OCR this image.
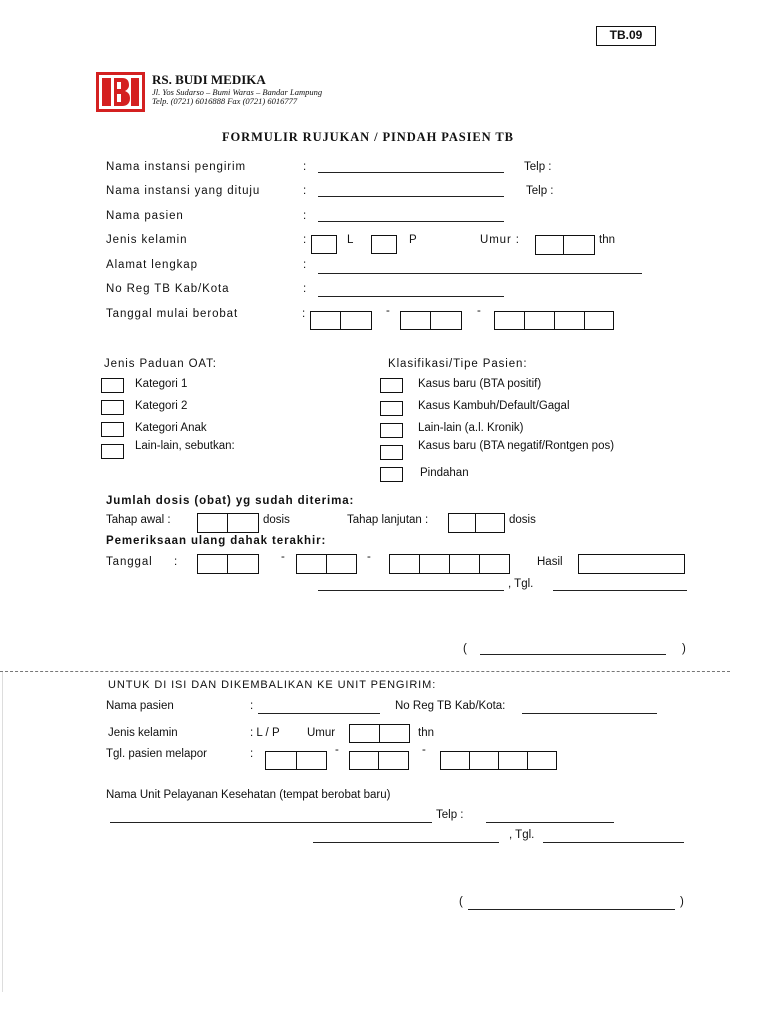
TB.09
RS. BUDI MEDIKA
Jl. Yos Sudarso – Bumi Waras – Bandar Lampung
Telp. (0721) 6016888 Fax (0721) 6016777
FORMULIR RUJUKAN / PINDAH PASIEN TB
Nama instansi pengirim	:	Telp :
Nama instansi yang dituju	:	Telp :
Nama pasien	:
Jenis kelamin	:	L	P	Umur :	thn
Alamat lengkap	:
No Reg TB Kab/Kota	:
Tanggal mulai berobat	:	-	-
Jenis Paduan OAT:
Kategori 1
Kategori 2
Kategori Anak
Lain-lain, sebutkan:
Klasifikasi/Tipe Pasien:
Kasus baru (BTA positif)
Kasus Kambuh/Default/Gagal
Lain-lain (a.l. Kronik)
Kasus baru (BTA negatif/Rontgen pos)
Pindahan
Jumlah dosis (obat) yg sudah diterima:
Tahap awal :	dosis	Tahap lanjutan :	dosis
Pemeriksaan ulang dahak terakhir:
Tanggal :	-	-	Hasil
, Tgl.
(	)
UNTUK DI ISI DAN DIKEMBALIKAN KE UNIT PENGIRIM:
Nama pasien	:	No Reg TB Kab/Kota:
Jenis kelamin	: L / P Umur	thn
Tgl. pasien melapor	:	-	-
Nama Unit Pelayanan Kesehatan (tempat berobat baru)
Telp :
, Tgl.
(	)
